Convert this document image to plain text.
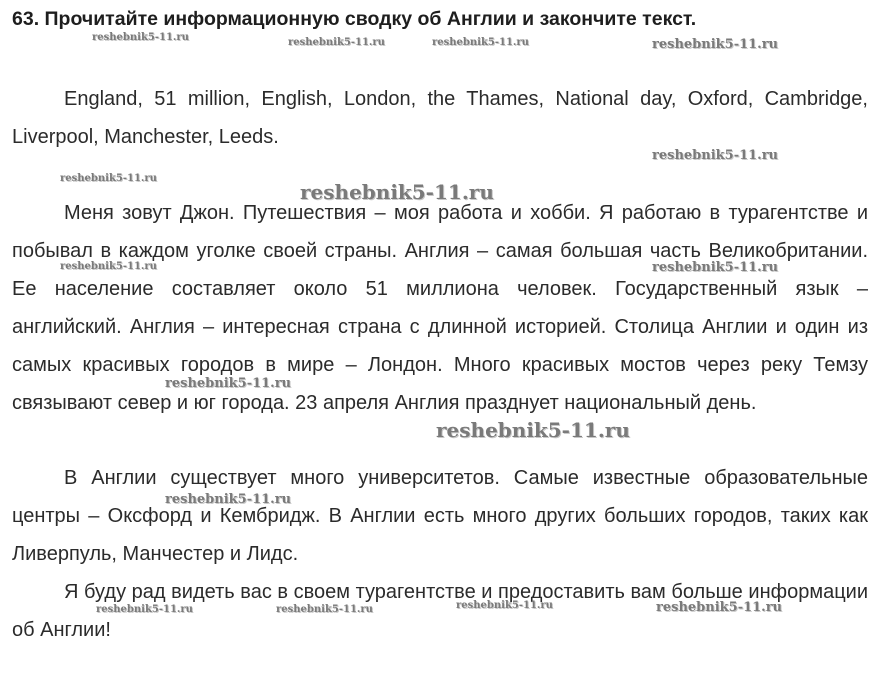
63. Прочитайте информационную сводку об Англии и закончите текст.
England, 51 million, English, London, the Thames, National day, Oxford, Cambridge, Liverpool, Manchester, Leeds.
Меня зовут Джон. Путешествия – моя работа и хобби. Я работаю в турагентстве и побывал в каждом уголке своей страны. Англия – самая большая часть Великобритании. Ее население составляет около 51 миллиона человек. Государственный язык – английский. Англия – интересная страна с длинной историей. Столица Англии и один из самых красивых городов в мире – Лондон. Много красивых мостов через реку Темзу связывают север и юг города. 23 апреля Англия празднует национальный день.
В Англии существует много университетов. Самые известные образовательные центры – Оксфорд и Кембридж. В Англии есть много других больших городов, таких как Ливерпуль, Манчестер и Лидс.
Я буду рад видеть вас в своем турагентстве и предоставить вам больше информации об Англии!
reshebnik5-11.ru	reshebnik5-11.ru	reshebnik5-11.ru	reshebnik5-11.ru
reshebnik5-11.ru
reshebnik5-11.ru
reshebnik5-11.ru
reshebnik5-11.ru	reshebnik5-11.ru
reshebnik5-11.ru
reshebnik5-11.ru
reshebnik5-11.ru
reshebnik5-11.ru	reshebnik5-11.ru	reshebnik5-11.ru	reshebnik5-11.ru
